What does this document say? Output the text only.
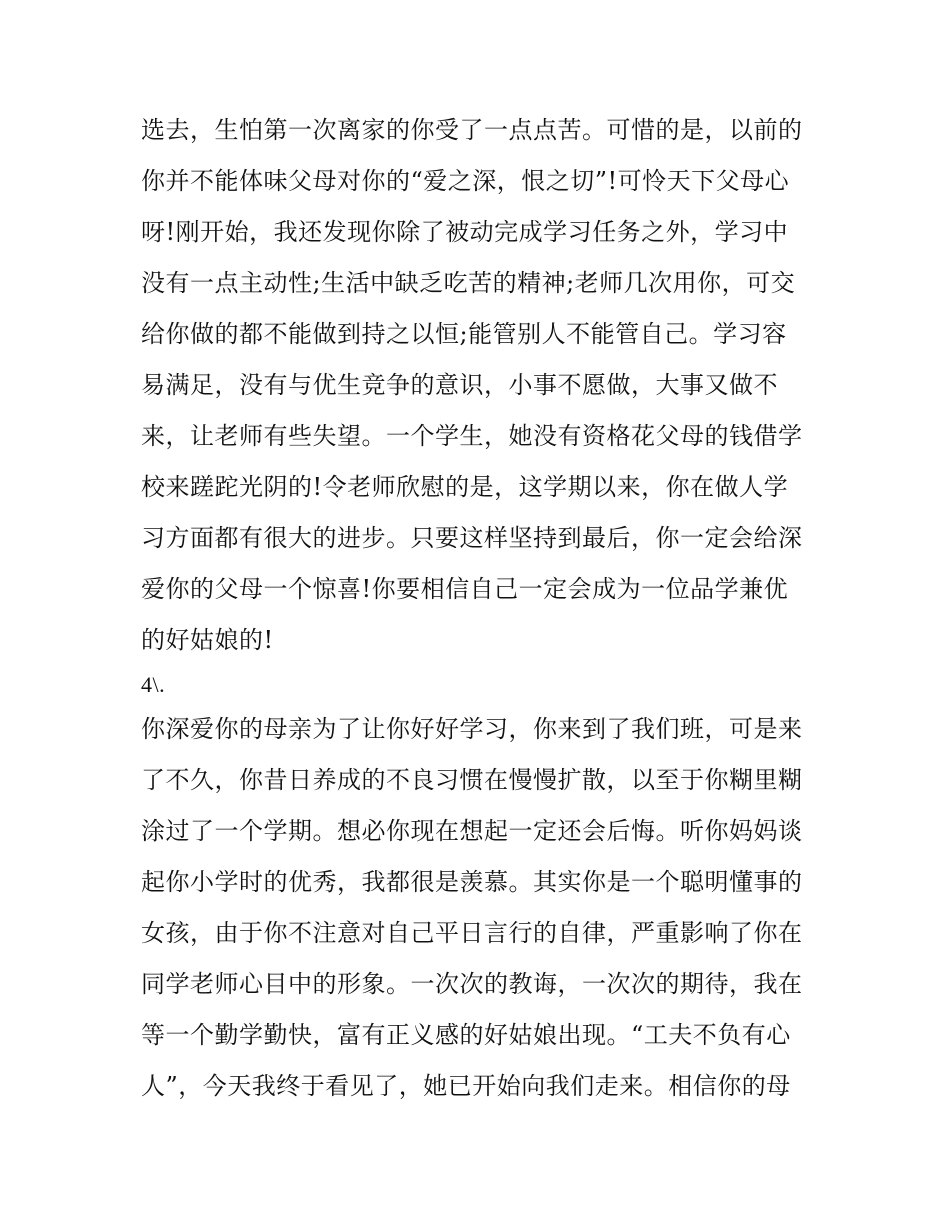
选去，生怕第一次离家的你受了一点点苦。可惜的是，以前的
你并不能体味父母对你的“爱之深，恨之切”!可怜天下父母心
呀!刚开始，我还发现你除了被动完成学习任务之外，学习中
没有一点主动性;生活中缺乏吃苦的精神;老师几次用你，可交
给你做的都不能做到持之以恒;能管别人不能管自己。学习容
易满足，没有与优生竞争的意识，小事不愿做，大事又做不
来，让老师有些失望。一个学生，她没有资格花父母的钱借学
校来蹉跎光阴的!令老师欣慰的是，这学期以来，你在做人学
习方面都有很大的进步。只要这样坚持到最后，你一定会给深
爱你的父母一个惊喜!你要相信自己一定会成为一位品学兼优
的好姑娘的!
4\.
你深爱你的母亲为了让你好好学习，你来到了我们班，可是来
了不久，你昔日养成的不良习惯在慢慢扩散，以至于你糊里糊
涂过了一个学期。想必你现在想起一定还会后悔。听你妈妈谈
起你小学时的优秀，我都很是羡慕。其实你是一个聪明懂事的
女孩，由于你不注意对自己平日言行的自律，严重影响了你在
同学老师心目中的形象。一次次的教诲，一次次的期待，我在
等一个勤学勤快，富有正义感的好姑娘出现。“工夫不负有心
人”，今天我终于看见了，她已开始向我们走来。相信你的母
